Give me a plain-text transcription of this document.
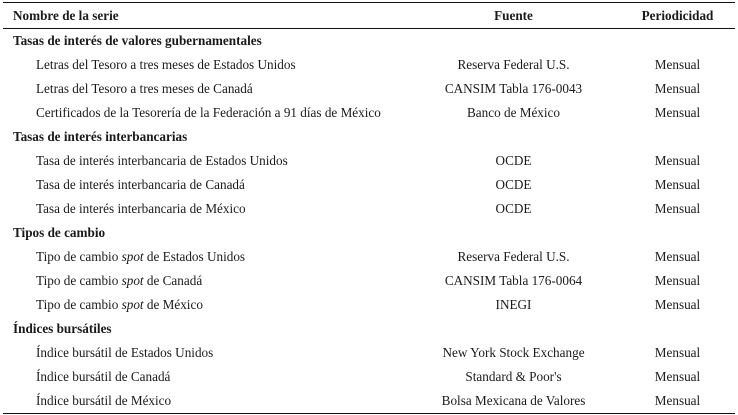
Nombre de la serie	Fuente	Periodicidad
Tasas de interés de valores gubernamentales		
Letras del Tesoro a tres meses de Estados Unidos	Reserva Federal U.S.	Mensual
Letras del Tesoro a tres meses de Canadá	CANSIM Tabla 176-0043	Mensual
Certificados de la Tesorería de la Federación a 91 días de México	Banco de México	Mensual
Tasas de interés interbancarias		
Tasa de interés interbancaria de Estados Unidos	OCDE	Mensual
Tasa de interés interbancaria de Canadá	OCDE	Mensual
Tasa de interés interbancaria de México	OCDE	Mensual
Tipos de cambio		
Tipo de cambio spot de Estados Unidos	Reserva Federal U.S.	Mensual
Tipo de cambio spot de Canadá	CANSIM Tabla 176-0064	Mensual
Tipo de cambio spot de México	INEGI	Mensual
Índices bursátiles		
Índice bursátil de Estados Unidos	New York Stock Exchange	Mensual
Índice bursátil de Canadá	Standard & Poor's	Mensual
Índice bursátil de México	Bolsa Mexicana de Valores	Mensual
